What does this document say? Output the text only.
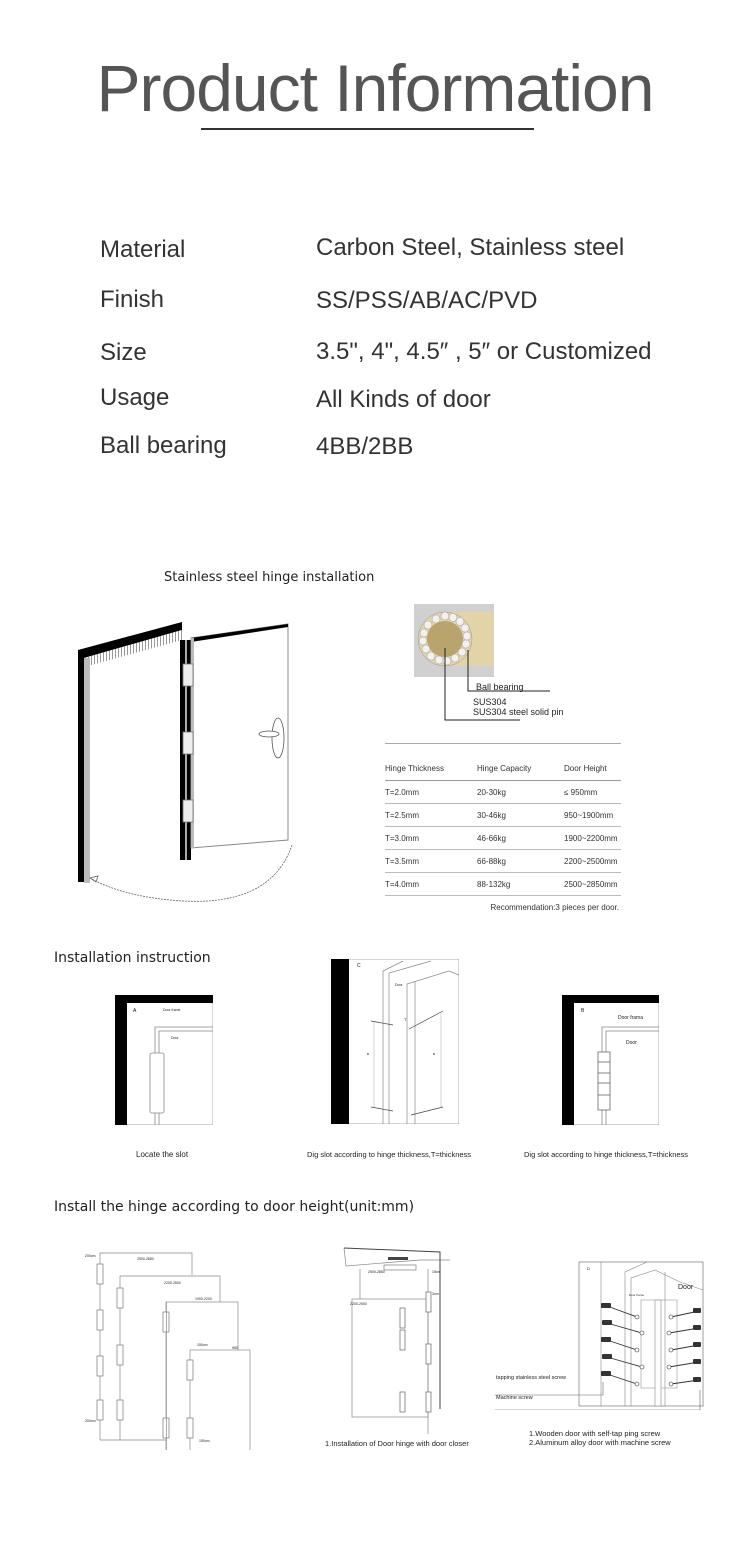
Product Information
Material	Carbon Steel, Stainless steel
Finish	SS/PSS/AB/AC/PVD
Size	3.5", 4", 4.5″ , 5″ or Customized
Usage	All Kinds of door
Ball bearing	4BB/2BB
Stainless steel hinge installation
Ball bearing
SUS304
SUS304 steel solid pin
Hinge Thickness	Hinge Capacity	Door Height
T=2.0mm	20-30kg	≤ 950mm
T=2.5mm	30-46kg	950~1900mm
T=3.0mm	46-66kg	1900~2200mm
T=3.5mm	66-88kg	2200~2500mm
T=4.0mm	88-132kg	2500~2850mm
Recommendation:3 pieces per door.
Installation instruction
A	Door frame
Door
Locate the slot
C
T
B	B
Door
Dig slot according to hinge thickness,T=thickness
B
Door frama
Door
Dig slot according to hinge thickness,T=thickness
Install the hinge according to door height(unit:mm)
200cm
2500-2850
2200-2500
1900-2200
150cm
950
200cm
150cm
2500-2850
2200-2500
15cm
3cm
1.Installation of Door hinge with door closer
D
Door frame
Door
tapping stainless steel screw
Machine screw
1.Wooden door with self-tap ping screw
2.Aluminum alloy door with machine screw
